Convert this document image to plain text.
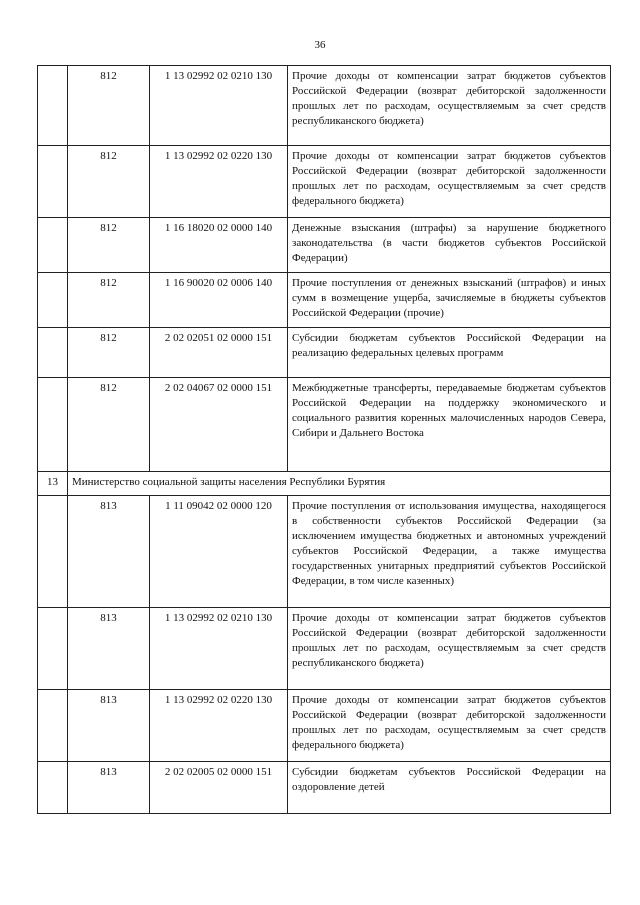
36
	812	1 13 02992 02 0210 130	Прочие доходы от компенсации затрат бюджетов субъектов Российской Федерации (возврат дебиторской задолженности прошлых лет по расходам, осуществляемым за счет средств республиканского бюджета)
	812	1 13 02992 02 0220 130	Прочие доходы от компенсации затрат бюджетов субъектов Российской Федерации (возврат дебиторской задолженности прошлых лет по расходам, осуществляемым за счет средств федерального бюджета)
	812	1 16 18020 02 0000 140	Денежные взыскания (штрафы) за нарушение бюджетного законодательства (в части бюджетов субъектов Российской Федерации)
	812	1 16 90020 02 0006 140	Прочие поступления от денежных взысканий (штрафов) и иных сумм в возмещение ущерба, зачисляемые в бюджеты субъектов Российской Федерации (прочие)
	812	2 02 02051 02 0000 151	Субсидии бюджетам субъектов Российской Федерации на реализацию федеральных целевых программ
	812	2 02 04067 02 0000 151	Межбюджетные трансферты, передаваемые бюджетам субъектов Российской Федерации на поддержку экономического и социального развития коренных малочисленных народов Севера, Сибири и Дальнего Востока
13	Министерство социальной защиты населения Республики Бурятия		
	813	1 11 09042 02 0000 120	Прочие поступления от использования имущества, находящегося в собственности субъектов Российской Федерации (за исключением имущества бюджетных и автономных учреждений субъектов Российской Федерации, а также имущества государственных унитарных предприятий субъектов Российской Федерации, в том числе казенных)
	813	1 13 02992 02 0210 130	Прочие доходы от компенсации затрат бюджетов субъектов Российской Федерации (возврат дебиторской задолженности прошлых лет по расходам, осуществляемым за счет средств республиканского бюджета)
	813	1 13 02992 02 0220 130	Прочие доходы от компенсации затрат бюджетов субъектов Российской Федерации (возврат дебиторской задолженности прошлых лет по расходам, осуществляемым за счет средств федерального бюджета)
	813	2 02 02005 02 0000 151	Субсидии бюджетам субъектов Российской Федерации на оздоровление детей
